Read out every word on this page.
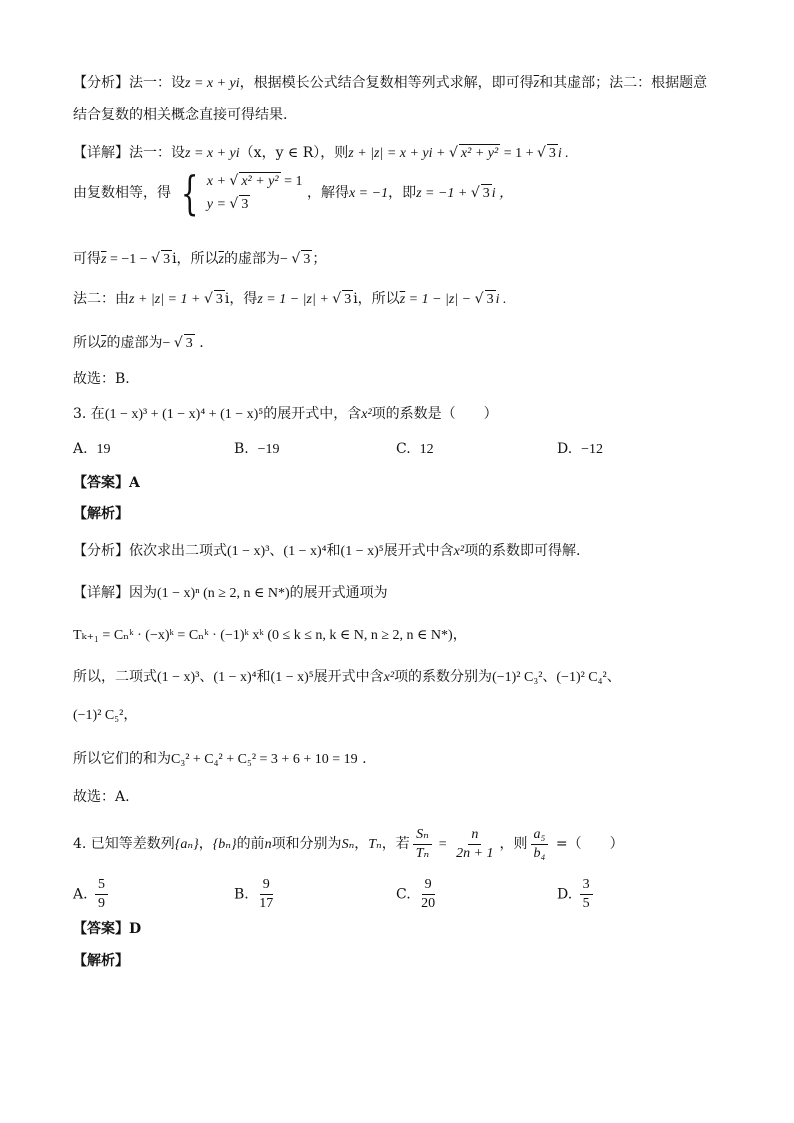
【分析】法一：设z = x + yi，根据模长公式结合复数相等列式求解，即可得$\overline{z}$和其虚部；法二：根据题意
结合复数的相关概念直接可得结果.
【详解】法一：设z = x + yi（x，y ∈ R），则z + |z| = x + yi + √ x² + y² = 1 + √ 3 i .
由复数相等，得 { x + √ x² + y² = 1
y = √ 3
，解得x = −1，即z = −1 + √ 3 i ，
可得$\overline{z} = -1$ − √ 3 i，所以$\overline{z}$的虚部为− √ 3 ；
法二：由z + |z| = 1 + √ 3 i，得z = 1 − |z| + √ 3 i，所以$\overline{z} = 1 - |z|$ − √ 3 i .
所以$\overline{z}$的虚部为− √ 3 .
故选：B.
3. 在(1 − x)³ + (1 − x)⁴ + (1 − x)⁵的展开式中，含x²项的系数是（　　）
A. 19	B. −19	C. 12	D. −12
【答案】A
【解析】
【分析】依次求出二项式(1 − x)³、(1 − x)⁴和(1 − x)⁵展开式中含x²项的系数即可得解.
【详解】因为(1 − x)ⁿ (n ≥ 2, n ∈ N*)的展开式通项为
Tₖ₊₁ = Cₙᵏ · (−x)ᵏ = Cₙᵏ · (−1)ᵏ xᵏ (0 ≤ k ≤ n, k ∈ N, n ≥ 2, n ∈ N*)，
所以，二项式(1 − x)³、(1 − x)⁴和(1 − x)⁵展开式中含x²项的系数分别为(−1)² C₃²、(−1)² C₄²、
(−1)² C₅²，
所以它们的和为C₃² + C₄² + C₅² = 3 + 6 + 10 = 19 .
故选：A.
4. 已知等差数列{aₙ}，{bₙ}的前n项和分别为Sₙ，Tₙ，若 $\frac{\text{Sₙ}}{\text{Tₙ}} = \frac{n}{2n + 1}$ ，则 $\frac{\text{a₅}}{\text{b₄}}$ =（　　）
A. $\frac{5}{9}$	B. $\frac{9}{17}$	C. $\frac{9}{20}$	D. $\frac{3}{5}$
【答案】D
【解析】
